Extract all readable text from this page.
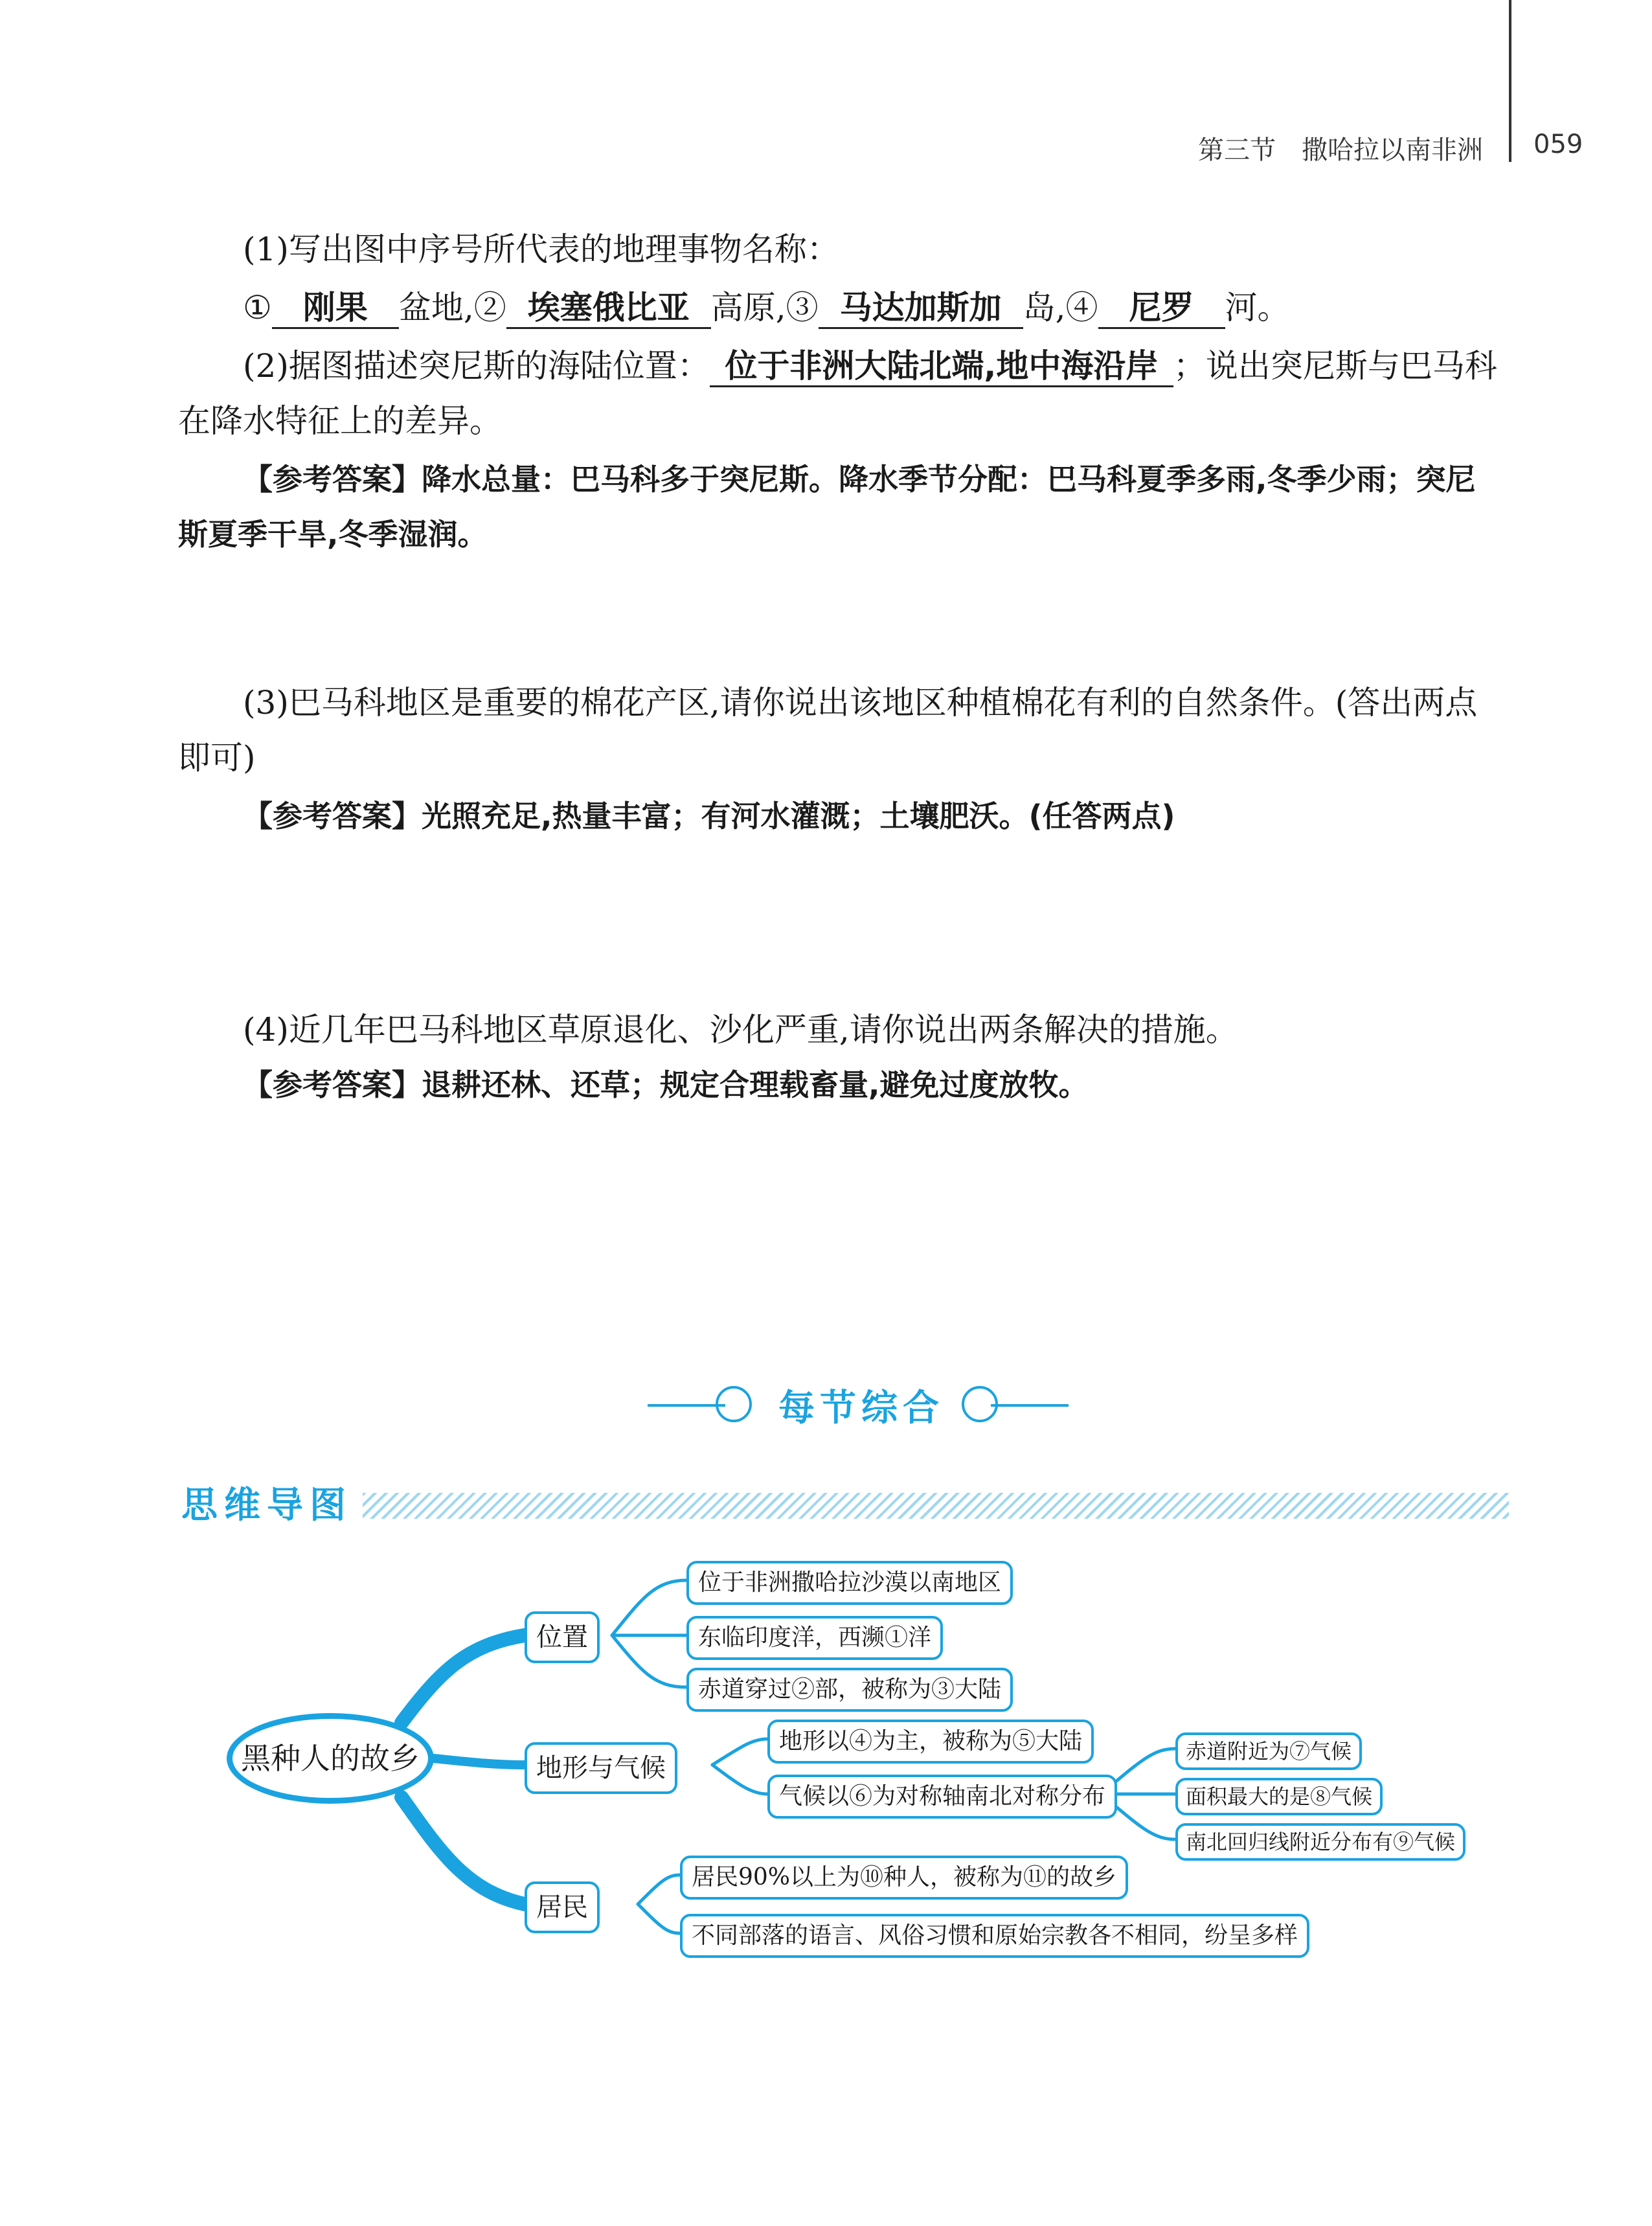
第三节　撒哈拉以南非洲 059
(1)写出图中序号所代表的地理事物名称：
① 刚果 盆地,② 埃塞俄比亚 高原,③ 马达加斯加 岛,④ 尼罗 河。
(2)据图描述突尼斯的海陆位置： 位于非洲大陆北端,地中海沿岸 ；说出突尼斯与巴马科
在降水特征上的差异。
【参考答案】降水总量：巴马科多于突尼斯。降水季节分配：巴马科夏季多雨,冬季少雨；突尼
斯夏季干旱,冬季湿润。
(3)巴马科地区是重要的棉花产区,请你说出该地区种植棉花有利的自然条件。(答出两点
即可)
【参考答案】光照充足,热量丰富；有河水灌溉；土壤肥沃。(任答两点)
(4)近几年巴马科地区草原退化、沙化严重,请你说出两条解决的措施。
【参考答案】退耕还林、还草；规定合理载畜量,避免过度放牧。
每节综合
思维导图
黑种人的故乡
位置
位于非洲撒哈拉沙漠以南地区
东临印度洋，西濒①洋
赤道穿过②部，被称为③大陆
地形与气候
地形以④为主，被称为⑤大陆
气候以⑥为对称轴南北对称分布
赤道附近为⑦气候
面积最大的是⑧气候
南北回归线附近分布有⑨气候
居民
居民90%以上为⑩种人，被称为⑪的故乡
不同部落的语言、风俗习惯和原始宗教各不相同，纷呈多样
